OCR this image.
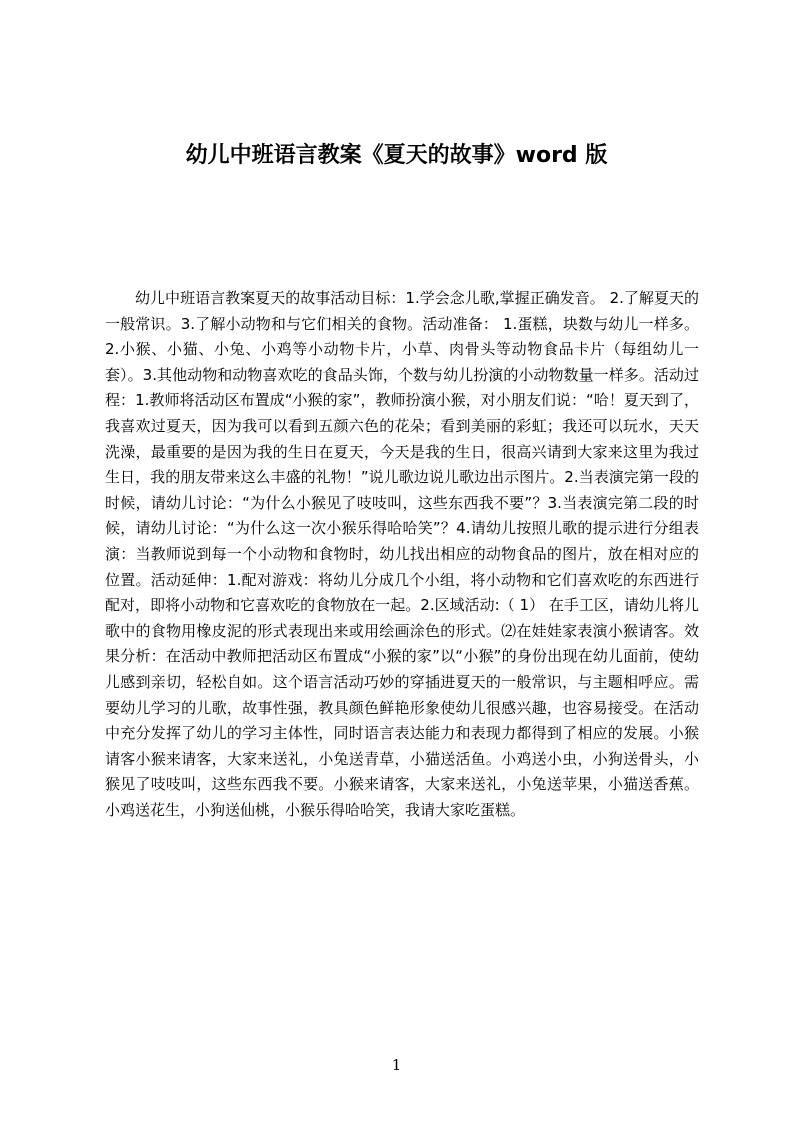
幼儿中班语言教案《夏天的故事》word 版

幼儿中班语言教案夏天的故事活动目标：1.学会念儿歌,掌握正确发音。 2.了解夏天的一般常识。3.了解小动物和与它们相关的食物。活动准备： 1.蛋糕，块数与幼儿一样多。2.小猴、小猫、小兔、小鸡等小动物卡片，小草、肉骨头等动物食品卡片（每组幼儿一套）。3.其他动物和动物喜欢吃的食品头饰，个数与幼儿扮演的小动物数量一样多。活动过程：1.教师将活动区布置成“小猴的家”，教师扮演小猴，对小朋友们说：“哈！夏天到了，我喜欢过夏天，因为我可以看到五颜六色的花朵；看到美丽的彩虹；我还可以玩水，天天洗澡，最重要的是因为我的生日在夏天，今天是我的生日，很高兴请到大家来这里为我过生日，我的朋友带来这么丰盛的礼物！”说儿歌边说儿歌边出示图片。2.当表演完第一段的时候，请幼儿讨论：“为什么小猴见了吱吱叫，这些东西我不要”？3.当表演完第二段的时候，请幼儿讨论：“为什么这一次小猴乐得哈哈笑”？4.请幼儿按照儿歌的提示进行分组表演：当教师说到每一个小动物和食物时，幼儿找出相应的动物食品的图片，放在相对应的位置。活动延伸：1.配对游戏：将幼儿分成几个小组，将小动物和它们喜欢吃的东西进行配对，即将小动物和它喜欢吃的食物放在一起。2.区域活动:（ 1） 在手工区，请幼儿将儿歌中的食物用橡皮泥的形式表现出来或用绘画涂色的形式。⑵在娃娃家表演小猴请客。效果分析：在活动中教师把活动区布置成“小猴的家”以“小猴”的身份出现在幼儿面前，使幼儿感到亲切，轻松自如。这个语言活动巧妙的穿插进夏天的一般常识，与主题相呼应。需要幼儿学习的儿歌，故事性强，教具颜色鲜艳形象使幼儿很感兴趣，也容易接受。在活动中充分发挥了幼儿的学习主体性，同时语言表达能力和表现力都得到了相应的发展。小猴请客小猴来请客，大家来送礼，小兔送青草，小猫送活鱼。小鸡送小虫，小狗送骨头，小猴见了吱吱叫，这些东西我不要。小猴来请客，大家来送礼，小兔送苹果，小猫送香蕉。小鸡送花生，小狗送仙桃，小猴乐得哈哈笑，我请大家吃蛋糕。

1
